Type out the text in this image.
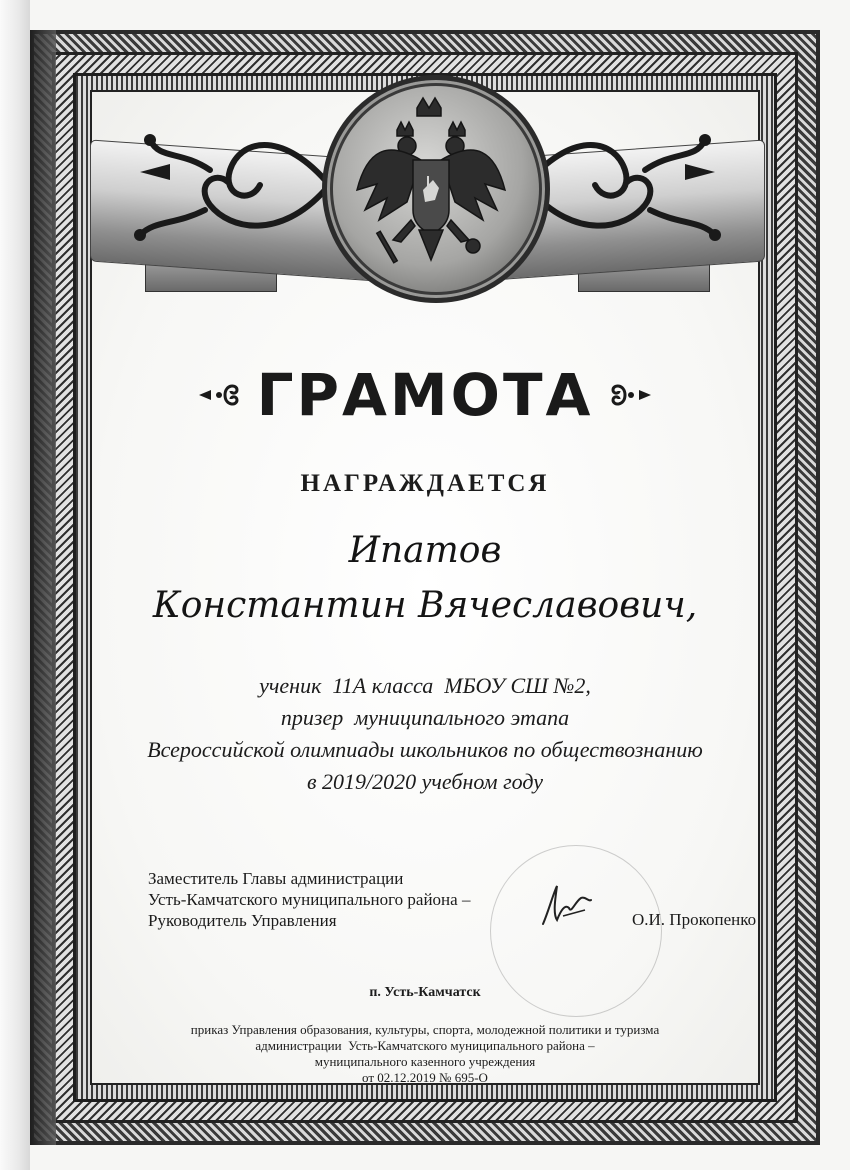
ГРАМОТА
НАГРАЖДАЕТСЯ
Ипатов
Константин Вячеславович,
ученик  11А класса  МБОУ СШ №2,
призер  муниципального этапа
Всероссийской олимпиады школьников по обществознанию
в 2019/2020 учебном году
Заместитель Главы администрации
Усть-Камчатского муниципального района –
Руководитель Управления	О.И. Прокопенко
п. Усть-Камчатск
приказ Управления образования, культуры, спорта, молодежной политики и туризма
администрации  Усть-Камчатского муниципального района –
муниципального казенного учреждения
от 02.12.2019 № 695-О
